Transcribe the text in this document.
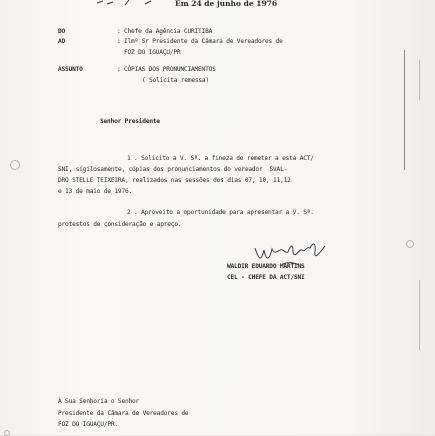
Em 24 de junho de 1976
DO	: Chefe da Agência CURITIBA
AO	: Ilmº Sr Presidente da Câmara de Vereadores de
FOZ DO IGUAÇU/PR
ASSUNTO	: CÓPIAS DOS PRONUNCIAMENTOS
( Solicita remessa)
Senhor Presidente
1 . Solicito a V. Sª. a fineza de remeter a esta ACT/
SNI, sigilosamente, cópias dos pronunciamentos do vereador  SVAL-
DRO STELLE TEIXEIRA, realizados nas sessões dos dias 07, 10, 11,12
e 13 de maio de 1976.
2 . Aproveito a oportunidade para apresentar a V. Sª.
protestos de consideração e apreço.
WALDIR EDUARDO MARTINS
CEL - CHEFE DA ACT/SNI
À Sua Senhoria o Senhor
Presidente da Câmara de Vereadores de
FOZ DO IGUAÇU/PR.
